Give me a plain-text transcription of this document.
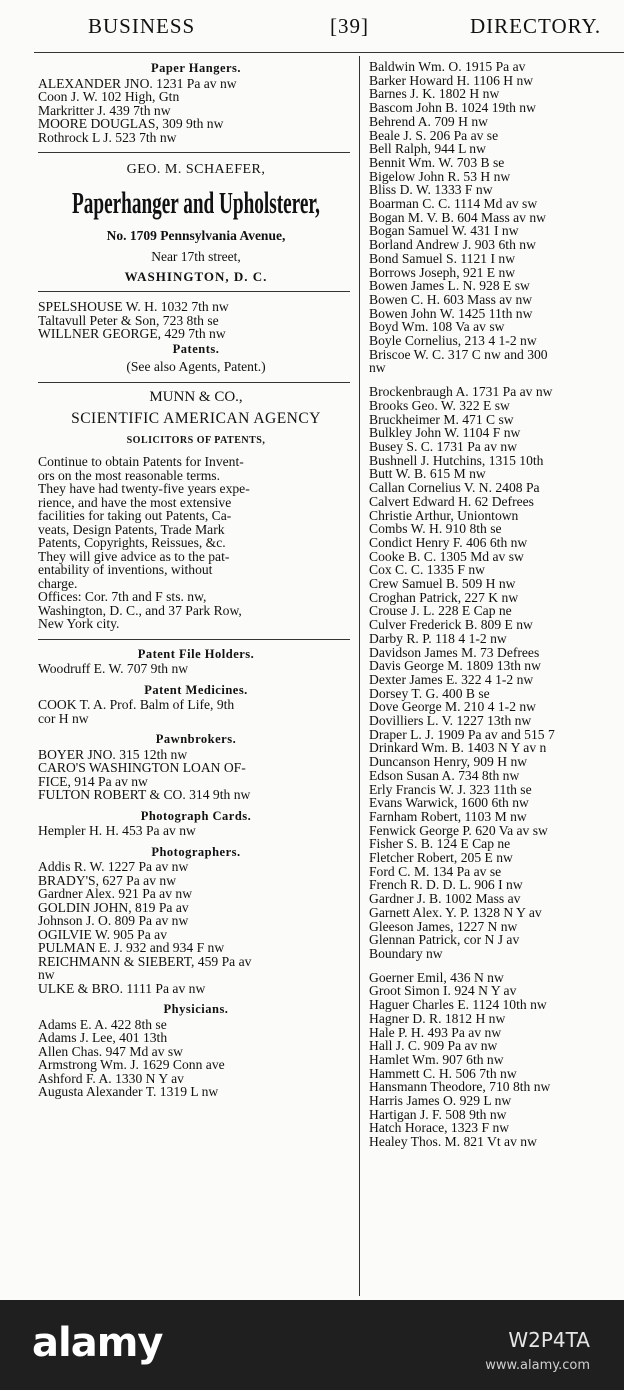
BUSINESS	[39]	DIRECTORY.
Paper Hangers.
ALEXANDER JNO. 1231 Pa av nw
Coon J. W. 102 High, Gtn
Markritter J. 439 7th nw
MOORE DOUGLAS, 309 9th nw
Rothrock L J. 523 7th nw
GEO. M. SCHAEFER,
Paperhanger and Upholsterer,
No. 1709 Pennsylvania Avenue,
Near 17th street,
WASHINGTON, D. C.
SPELSHOUSE W. H. 1032 7th nw
Taltavull Peter & Son, 723 8th se
WILLNER GEORGE, 429 7th nw
Patents.
(See also Agents, Patent.)
MUNN & CO.,
SCIENTIFIC AMERICAN AGENCY
SOLICITORS OF PATENTS,
Continue to obtain Patents for Invent-
ors on the most reasonable terms.
They have had twenty-five years expe-
rience, and have the most extensive
facilities for taking out Patents, Ca-
veats, Design Patents, Trade Mark
Patents, Copyrights, Reissues, &c.
They will give advice as to the pat-
entability of inventions, without
charge.
Offices: Cor. 7th and F sts. nw,
Washington, D. C., and 37 Park Row,
New York city.
Patent File Holders.
Woodruff E. W. 707 9th nw
Patent Medicines.
COOK T. A. Prof. Balm of Life, 9th
cor H nw
Pawnbrokers.
BOYER JNO. 315 12th nw
CARO'S WASHINGTON LOAN OF-
FICE, 914 Pa av nw
FULTON ROBERT & CO. 314 9th nw
Photograph Cards.
Hempler H. H. 453 Pa av nw
Photographers.
Addis R. W. 1227 Pa av nw
BRADY'S, 627 Pa av nw
Gardner Alex. 921 Pa av nw
GOLDIN JOHN, 819 Pa av
Johnson J. O. 809 Pa av nw
OGILVIE W. 905 Pa av
PULMAN E. J. 932 and 934 F nw
REICHMANN & SIEBERT, 459 Pa av
nw
ULKE & BRO. 1111 Pa av nw
Physicians.
Adams E. A. 422 8th se
Adams J. Lee, 401 13th
Allen Chas. 947 Md av sw
Armstrong Wm. J. 1629 Conn ave
Ashford F. A. 1330 N Y av
Augusta Alexander T. 1319 L nw
Baldwin Wm. O. 1915 Pa av
Barker Howard H. 1106 H nw
Barnes J. K. 1802 H nw
Bascom John B. 1024 19th nw
Behrend A. 709 H nw
Beale J. S. 206 Pa av se
Bell Ralph, 944 L nw
Bennit Wm. W. 703 B se
Bigelow John R. 53 H nw
Bliss D. W. 1333 F nw
Boarman C. C. 1114 Md av sw
Bogan M. V. B. 604 Mass av nw
Bogan Samuel W. 431 I nw
Borland Andrew J. 903 6th nw
Bond Samuel S. 1121 I nw
Borrows Joseph, 921 E nw
Bowen James L. N. 928 E sw
Bowen C. H. 603 Mass av nw
Bowen John W. 1425 11th nw
Boyd Wm. 108 Va av sw
Boyle Cornelius, 213 4 1-2 nw
Briscoe W. C. 317 C nw and 300
nw
Brockenbraugh A. 1731 Pa av nw
Brooks Geo. W. 322 E sw
Bruckheimer M. 471 C sw
Bulkley John W. 1104 F nw
Busey S. C. 1731 Pa av nw
Bushnell J. Hutchins, 1315 10th
Butt W. B. 615 M nw
Callan Cornelius V. N. 2408 Pa
Calvert Edward H. 62 Defrees
Christie Arthur, Uniontown
Combs W. H. 910 8th se
Condict Henry F. 406 6th nw
Cooke B. C. 1305 Md av sw
Cox C. C. 1335 F nw
Crew Samuel B. 509 H nw
Croghan Patrick, 227 K nw
Crouse J. L. 228 E Cap ne
Culver Frederick B. 809 E nw
Darby R. P. 118 4 1-2 nw
Davidson James M. 73 Defrees
Davis George M. 1809 13th nw
Dexter James E. 322 4 1-2 nw
Dorsey T. G. 400 B se
Dove George M. 210 4 1-2 nw
Dovilliers L. V. 1227 13th nw
Draper L. J. 1909 Pa av and 515 7
Drinkard Wm. B. 1403 N Y av n
Duncanson Henry, 909 H nw
Edson Susan A. 734 8th nw
Erly Francis W. J. 323 11th se
Evans Warwick, 1600 6th nw
Farnham Robert, 1103 M nw
Fenwick George P. 620 Va av sw
Fisher S. B. 124 E Cap ne
Fletcher Robert, 205 E nw
Ford C. M. 134 Pa av se
French R. D. D. L. 906 I nw
Gardner J. B. 1002 Mass av
Garnett Alex. Y. P. 1328 N Y av
Gleeson James, 1227 N nw
Glennan Patrick, cor N J av
Boundary nw
Goerner Emil, 436 N nw
Groot Simon I. 924 N Y av
Haguer Charles E. 1124 10th nw
Hagner D. R. 1812 H nw
Hale P. H. 493 Pa av nw
Hall J. C. 909 Pa av nw
Hamlet Wm. 907 6th nw
Hammett C. H. 506 7th nw
Hansmann Theodore, 710 8th nw
Harris James O. 929 L nw
Hartigan J. F. 508 9th nw
Hatch Horace, 1323 F nw
Healey Thos. M. 821 Vt av nw
alamy	W2P4TA
www.alamy.com
